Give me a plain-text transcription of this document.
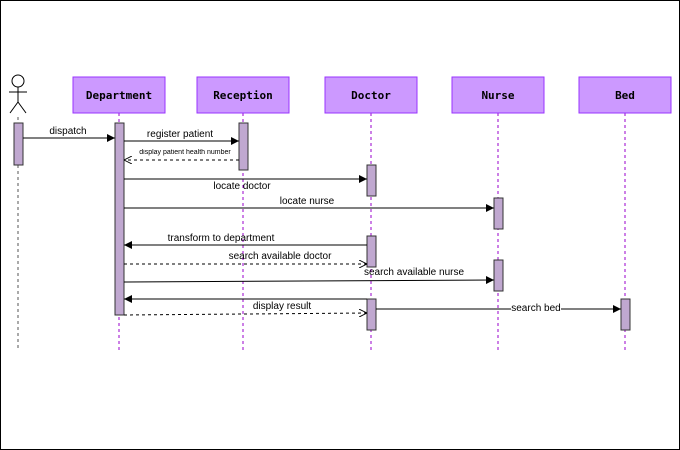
Department	Reception	Doctor	Nurse	Bed
dispatch	register patient
display patient health number
locate doctor
locate nurse
transform to department
search available doctor
search available nurse
display result	search bed
